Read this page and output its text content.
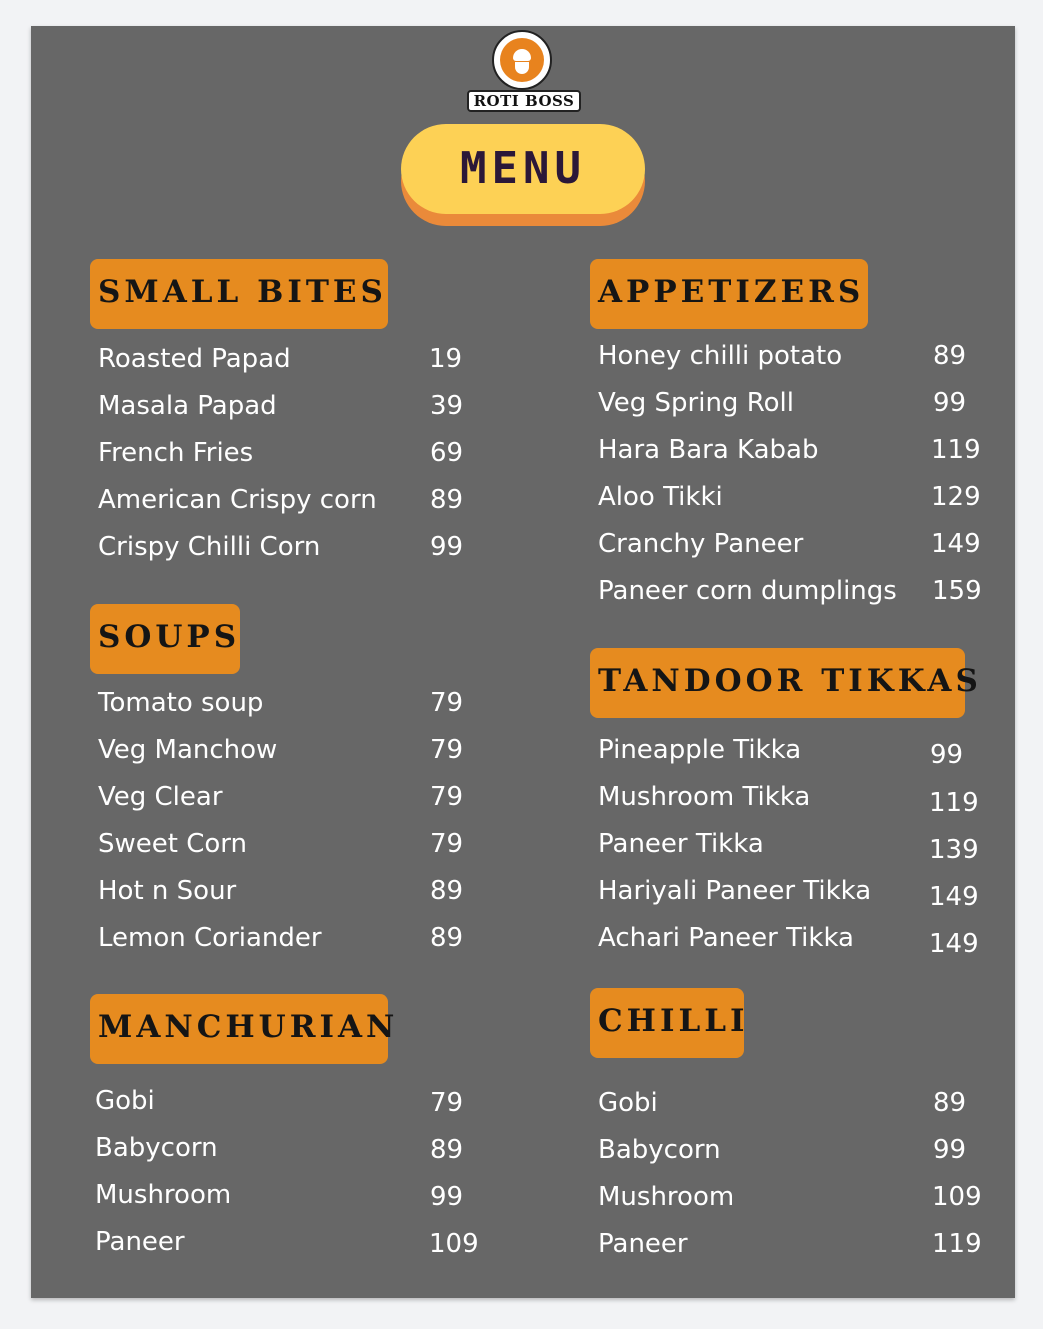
ROTI BOSS
MENU
SMALL BITES
Roasted Papad	19
Masala Papad	39
French Fries	69
American Crispy corn 89
Crispy Chilli Corn	99
APPETIZERS
Honey chilli potato	89
Veg Spring Roll	99
Hara Bara Kabab	119
Aloo Tikki	129
Cranchy Paneer	149
Paneer corn dumplings 159
SOUPS
Tomato soup	79
Veg Manchow	79
Veg Clear	79
Sweet Corn	79
Hot n Sour	89
Lemon Coriander	89
TANDOOR TIKKAS
Pineapple Tikka	99
Mushroom Tikka	119
Paneer Tikka	139
Hariyali Paneer Tikka 149
Achari Paneer Tikka	149
MANCHURIAN
Gobi	79
Babycorn	89
Mushroom	99
Paneer	109
CHILLI
Gobi	89
Babycorn	99
Mushroom	109
Paneer	119
